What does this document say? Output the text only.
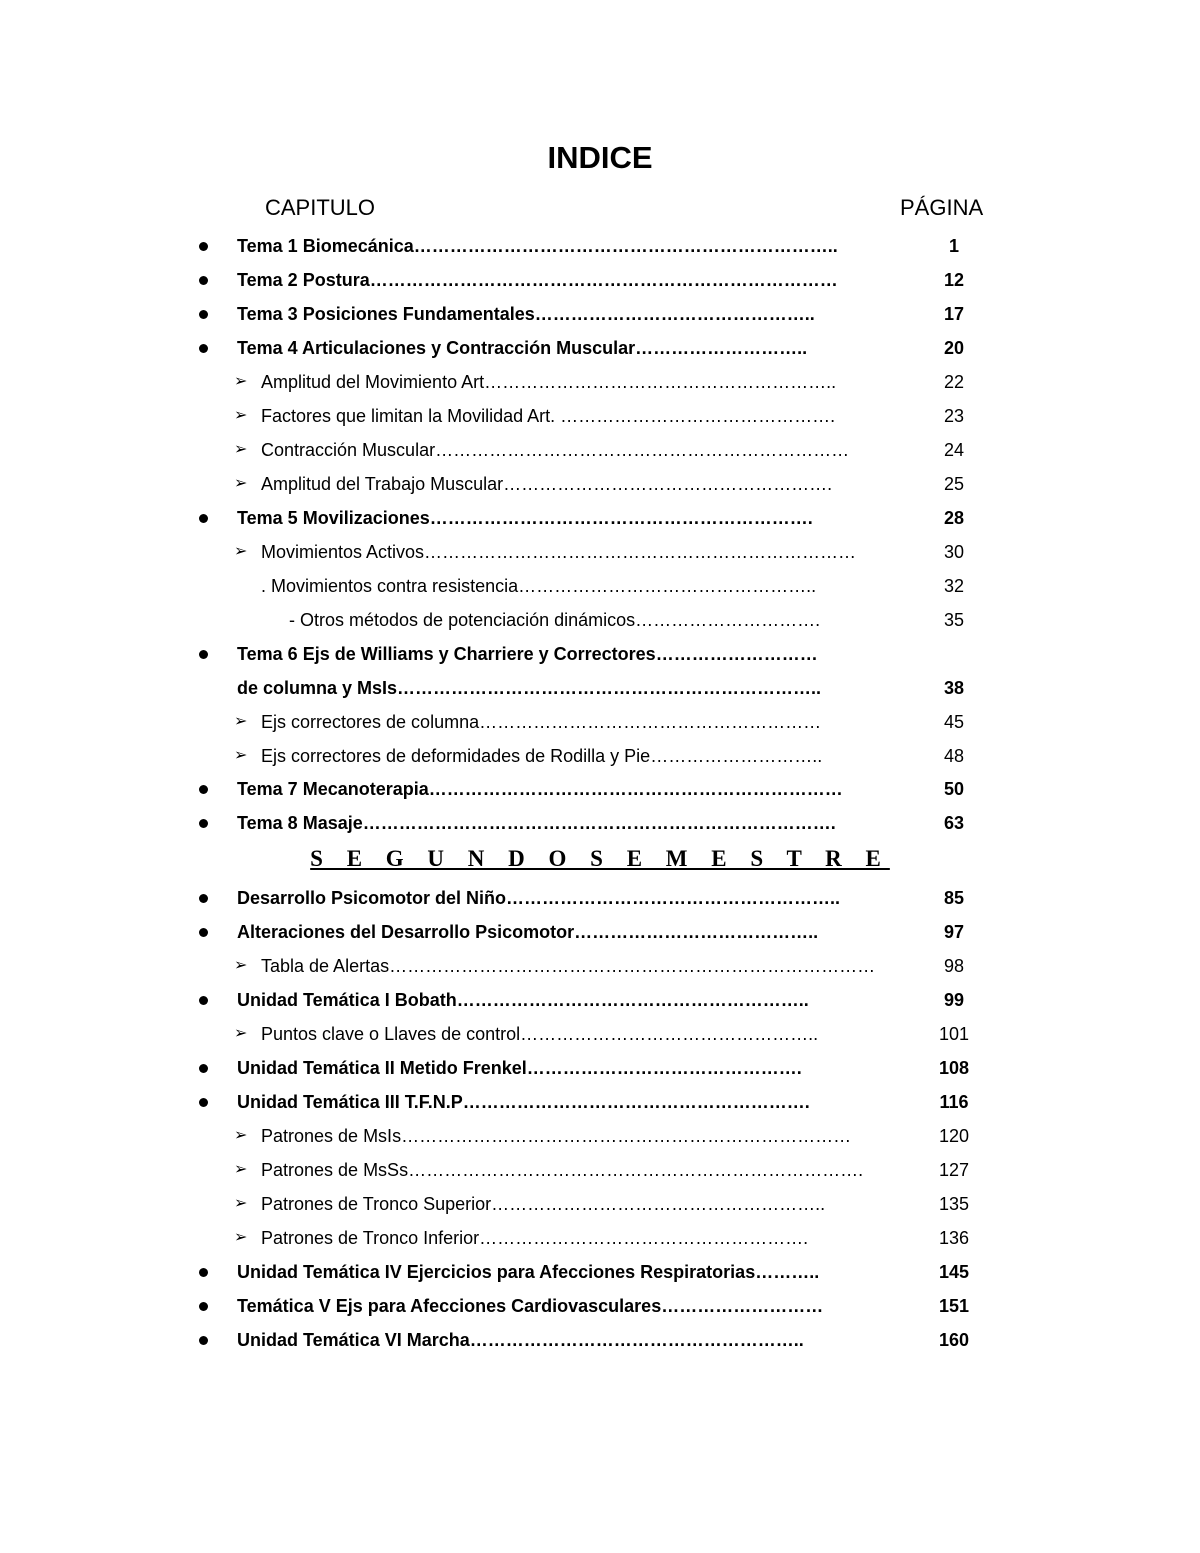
INDICE
CAPITULO	PÁGINA
Tema 1 Biomecánica……………………………………………………………..	1
Tema 2 Postura……………………………………………………………………	12
Tema 3 Posiciones Fundamentales………………………………………..	17
Tema 4 Articulaciones y Contracción Muscular………………………..	20
➢ Amplitud del Movimiento Art…………………………………………………..	22
➢ Factores que limitan la Movilidad Art. ……………………………………….	23
➢ Contracción Muscular……………………………………………………………	24
➢ Amplitud del Trabajo Muscular……………………………………………….	25
Tema 5 Movilizaciones……………………………………………………….	28
➢ Movimientos Activos………………………………………………………………	30
. Movimientos contra resistencia…………………………………………..	32
- Otros métodos de potenciación dinámicos………………………….	35
Tema 6 Ejs de Williams y Charriere y Correctores………………………
de columna y MsIs……………………………………………………………..	38
➢ Ejs correctores de columna…………………………………………………	45
➢ Ejs correctores de deformidades de Rodilla y Pie………………………..	48
Tema 7 Mecanoterapia……………………………………………………………	50
Tema 8 Masaje…………………………………………………………………….	63
S E G U N D O S E M E S T R E
Desarrollo Psicomotor del Niño………………………………………………..	85
Alteraciones del Desarrollo Psicomotor…………………………………..	97
➢ Tabla de Alertas………………………………………………………………………	98
Unidad Temática I Bobath…………………………………………………..	99
➢ Puntos clave o Llaves de control…………………………………………..	101
Unidad Temática II Metido Frenkel……………………………………….	108
Unidad Temática III T.F.N.P………………………………………………….	116
➢ Patrones de MsIs…………………………………………………………………	120
➢ Patrones de MsSs………………………………………………………………….	127
➢ Patrones de Tronco Superior………………………………………………..	135
➢ Patrones de Tronco Inferior……………………………………………….	136
Unidad Temática IV Ejercicios para Afecciones Respiratorias………..	145
Temática V Ejs para Afecciones Cardiovasculares………………………	151
Unidad Temática VI Marcha………………………………………………..	160
